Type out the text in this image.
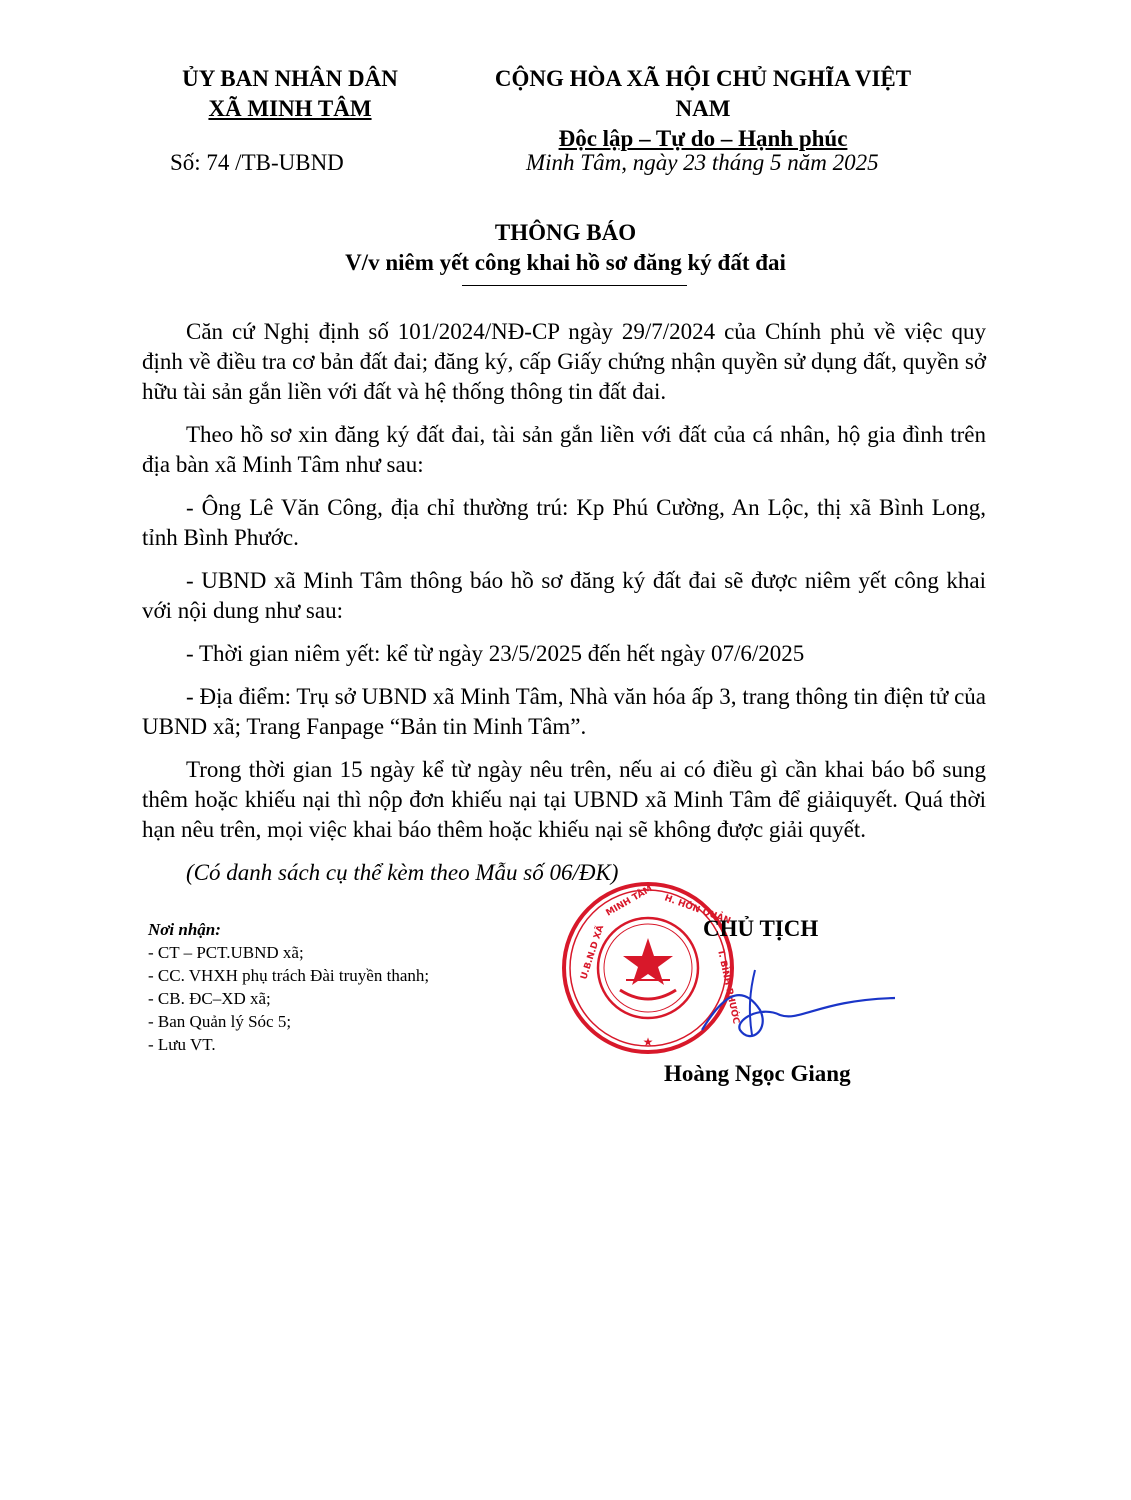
ỦY BAN NHÂN DÂN
XÃ MINH TÂM
CỘNG HÒA XÃ HỘI CHỦ NGHĨA VIỆT NAM
Độc lập – Tự do – Hạnh phúc
Số: 74 /TB-UBND	Minh Tâm, ngày 23 tháng 5 năm 2025
THÔNG BÁO
V/v niêm yết công khai hồ sơ đăng ký đất đai

Căn cứ Nghị định số 101/2024/NĐ-CP ngày 29/7/2024 của Chính phủ về việc quy định về điều tra cơ bản đất đai; đăng ký, cấp Giấy chứng nhận quyền sử dụng đất, quyền sở hữu tài sản gắn liền với đất và hệ thống thông tin đất đai.

Theo hồ sơ xin đăng ký đất đai, tài sản gắn liền với đất của cá nhân, hộ gia đình trên địa bàn xã Minh Tâm như sau:

- Ông Lê Văn Công, địa chỉ thường trú: Kp Phú Cường, An Lộc, thị xã Bình Long, tỉnh Bình Phước.

- UBND xã Minh Tâm thông báo hồ sơ đăng ký đất đai sẽ được niêm yết công khai với nội dung như sau:

- Thời gian niêm yết: kể từ ngày 23/5/2025 đến hết ngày 07/6/2025

- Địa điểm: Trụ sở UBND xã Minh Tâm, Nhà văn hóa ấp 3, trang thông tin điện tử của UBND xã; Trang Fanpage “Bản tin Minh Tâm”.

Trong thời gian 15 ngày kể từ ngày nêu trên, nếu ai có điều gì cần khai báo bổ sung thêm hoặc khiếu nại thì nộp đơn khiếu nại tại UBND xã Minh Tâm để giảiquyết. Quá thời hạn nêu trên, mọi việc khai báo thêm hoặc khiếu nại sẽ không được giải quyết.

(Có danh sách cụ thể kèm theo Mẫu số 06/ĐK)

Nơi nhận:
- CT – PCT.UBND xã;
- CC. VHXH phụ trách Đài truyền thanh;
- CB. ĐC–XD xã;
- Ban Quản lý Sóc 5;
- Lưu VT.
U.B.N.D XÃ
MINH TÂM H. HỚN QUẢN
T. BÌNH PHƯỚC
★
CHỦ TỊCH
Hoàng Ngọc Giang
